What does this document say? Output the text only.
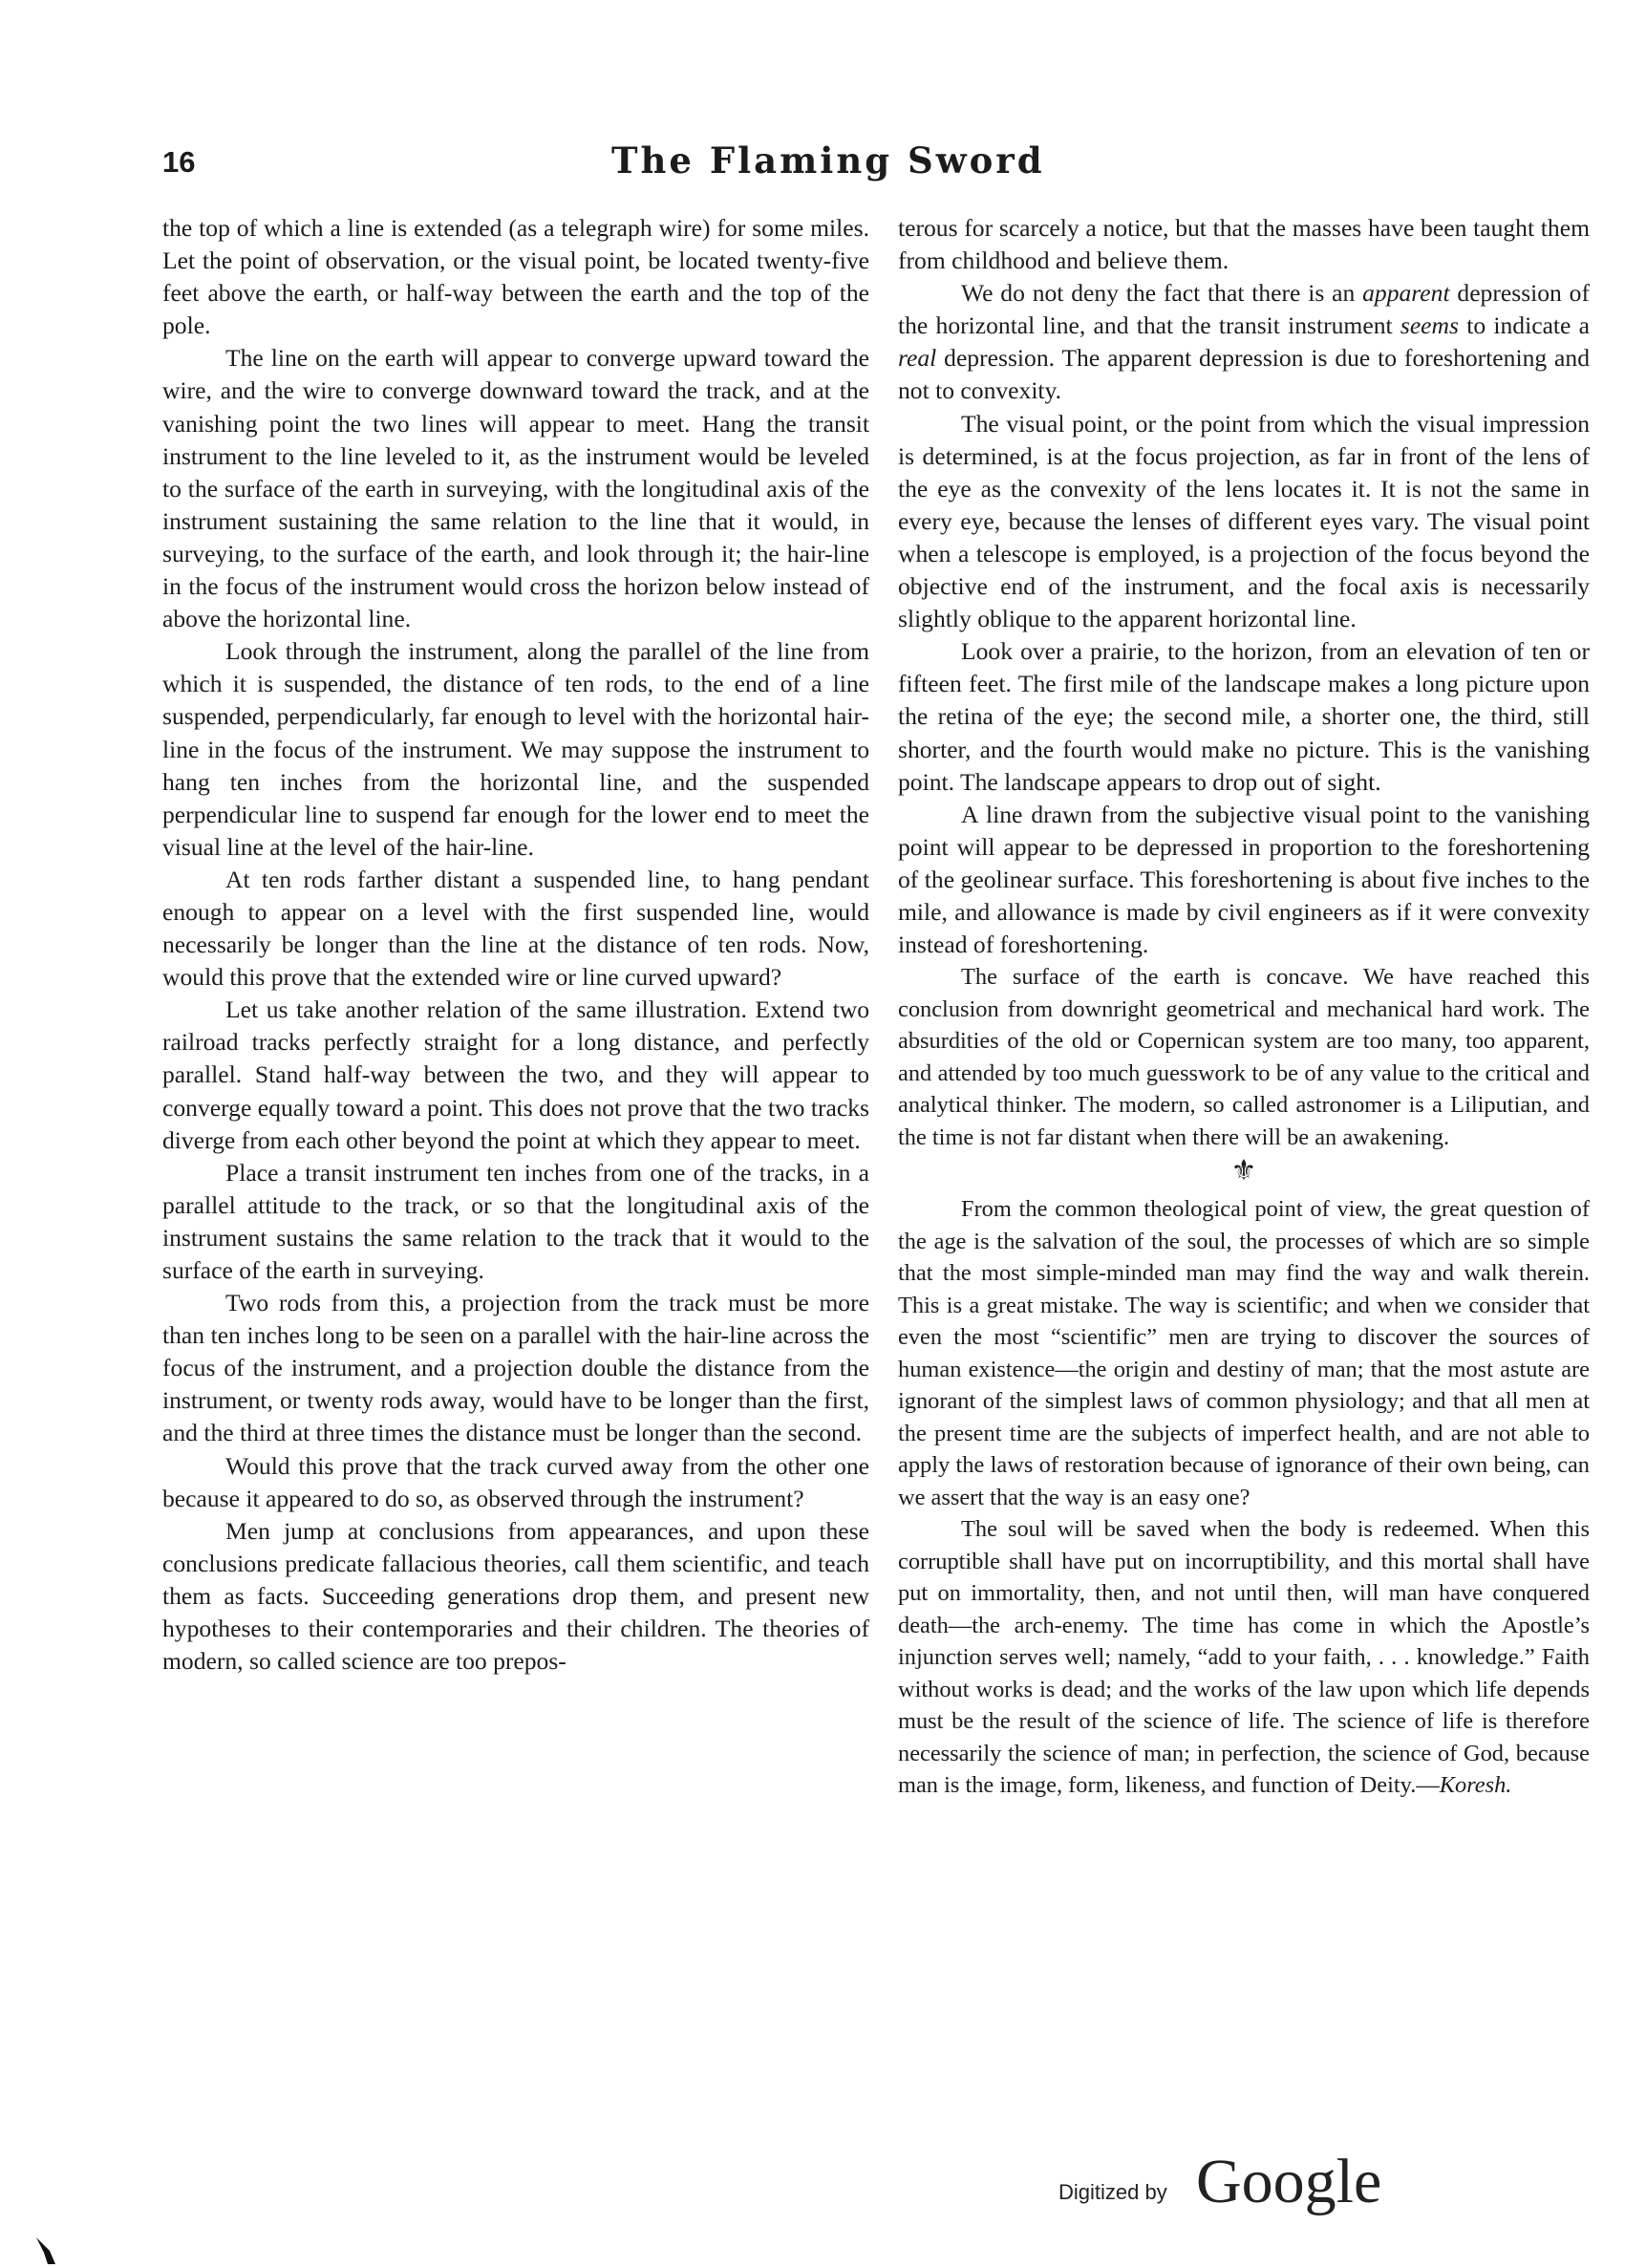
16	The Flaming Sword

the top of which a line is extended (as a telegraph wire) for some miles. Let the point of observation, or the visual point, be located twenty-five feet above the earth, or half-way between the earth and the top of the pole.

The line on the earth will appear to converge upward toward the wire, and the wire to converge downward toward the track, and at the vanishing point the two lines will appear to meet. Hang the transit instrument to the line leveled to it, as the instrument would be leveled to the surface of the earth in surveying, with the longitudinal axis of the instrument sustaining the same relation to the line that it would, in surveying, to the surface of the earth, and look through it; the hair-line in the focus of the instrument would cross the horizon below instead of above the horizontal line.

Look through the instrument, along the parallel of the line from which it is suspended, the distance of ten rods, to the end of a line suspended, perpendicularly, far enough to level with the horizontal hair-line in the focus of the instrument. We may suppose the instrument to hang ten inches from the horizontal line, and the suspended perpendicular line to suspend far enough for the lower end to meet the visual line at the level of the hair-line.

At ten rods farther distant a suspended line, to hang pendant enough to appear on a level with the first suspended line, would necessarily be longer than the line at the distance of ten rods. Now, would this prove that the extended wire or line curved upward?

Let us take another relation of the same illustration. Extend two railroad tracks perfectly straight for a long distance, and perfectly parallel. Stand half-way between the two, and they will appear to converge equally toward a point. This does not prove that the two tracks diverge from each other beyond the point at which they appear to meet.

Place a transit instrument ten inches from one of the tracks, in a parallel attitude to the track, or so that the longitudinal axis of the instrument sustains the same relation to the track that it would to the surface of the earth in surveying.

Two rods from this, a projection from the track must be more than ten inches long to be seen on a parallel with the hair-line across the focus of the instrument, and a projection double the distance from the instrument, or twenty rods away, would have to be longer than the first, and the third at three times the distance must be longer than the second.

Would this prove that the track curved away from the other one because it appeared to do so, as observed through the instrument?

Men jump at conclusions from appearances, and upon these conclusions predicate fallacious theories, call them scientific, and teach them as facts. Succeeding generations drop them, and present new hypotheses to their contemporaries and their children. The theories of modern, so called science are too prepos-

terous for scarcely a notice, but that the masses have been taught them from childhood and believe them.

We do not deny the fact that there is an apparent depression of the horizontal line, and that the transit instrument seems to indicate a real depression. The apparent depression is due to foreshortening and not to convexity.

The visual point, or the point from which the visual impression is determined, is at the focus projection, as far in front of the lens of the eye as the convexity of the lens locates it. It is not the same in every eye, because the lenses of different eyes vary. The visual point when a telescope is employed, is a projection of the focus beyond the objective end of the instrument, and the focal axis is necessarily slightly oblique to the apparent horizontal line.

Look over a prairie, to the horizon, from an elevation of ten or fifteen feet. The first mile of the landscape makes a long picture upon the retina of the eye; the second mile, a shorter one, the third, still shorter, and the fourth would make no picture. This is the vanishing point. The landscape appears to drop out of sight.

A line drawn from the subjective visual point to the vanishing point will appear to be depressed in proportion to the foreshortening of the geolinear surface. This foreshortening is about five inches to the mile, and allowance is made by civil engineers as if it were convexity instead of foreshortening.

The surface of the earth is concave. We have reached this conclusion from downright geometrical and mechanical hard work. The absurdities of the old or Copernican system are too many, too apparent, and attended by too much guesswork to be of any value to the critical and analytical thinker. The modern, so called astronomer is a Liliputian, and the time is not far distant when there will be an awakening.

⚜

From the common theological point of view, the great question of the age is the salvation of the soul, the processes of which are so simple that the most simple-minded man may find the way and walk therein. This is a great mistake. The way is scientific; and when we consider that even the most “scientific” men are trying to discover the sources of human existence—the origin and destiny of man; that the most astute are ignorant of the simplest laws of common physiology; and that all men at the present time are the subjects of imperfect health, and are not able to apply the laws of restoration because of ignorance of their own being, can we assert that the way is an easy one?

The soul will be saved when the body is redeemed. When this corruptible shall have put on incorruptibility, and this mortal shall have put on immortality, then, and not until then, will man have conquered death—the arch-enemy. The time has come in which the Apostle’s injunction serves well; namely, “add to your faith, . . . knowledge.” Faith without works is dead; and the works of the law upon which life depends must be the result of the science of life. The science of life is therefore necessarily the science of man; in perfection, the science of God, because man is the image, form, likeness, and function of Deity.—Koresh.

Digitized by Google
